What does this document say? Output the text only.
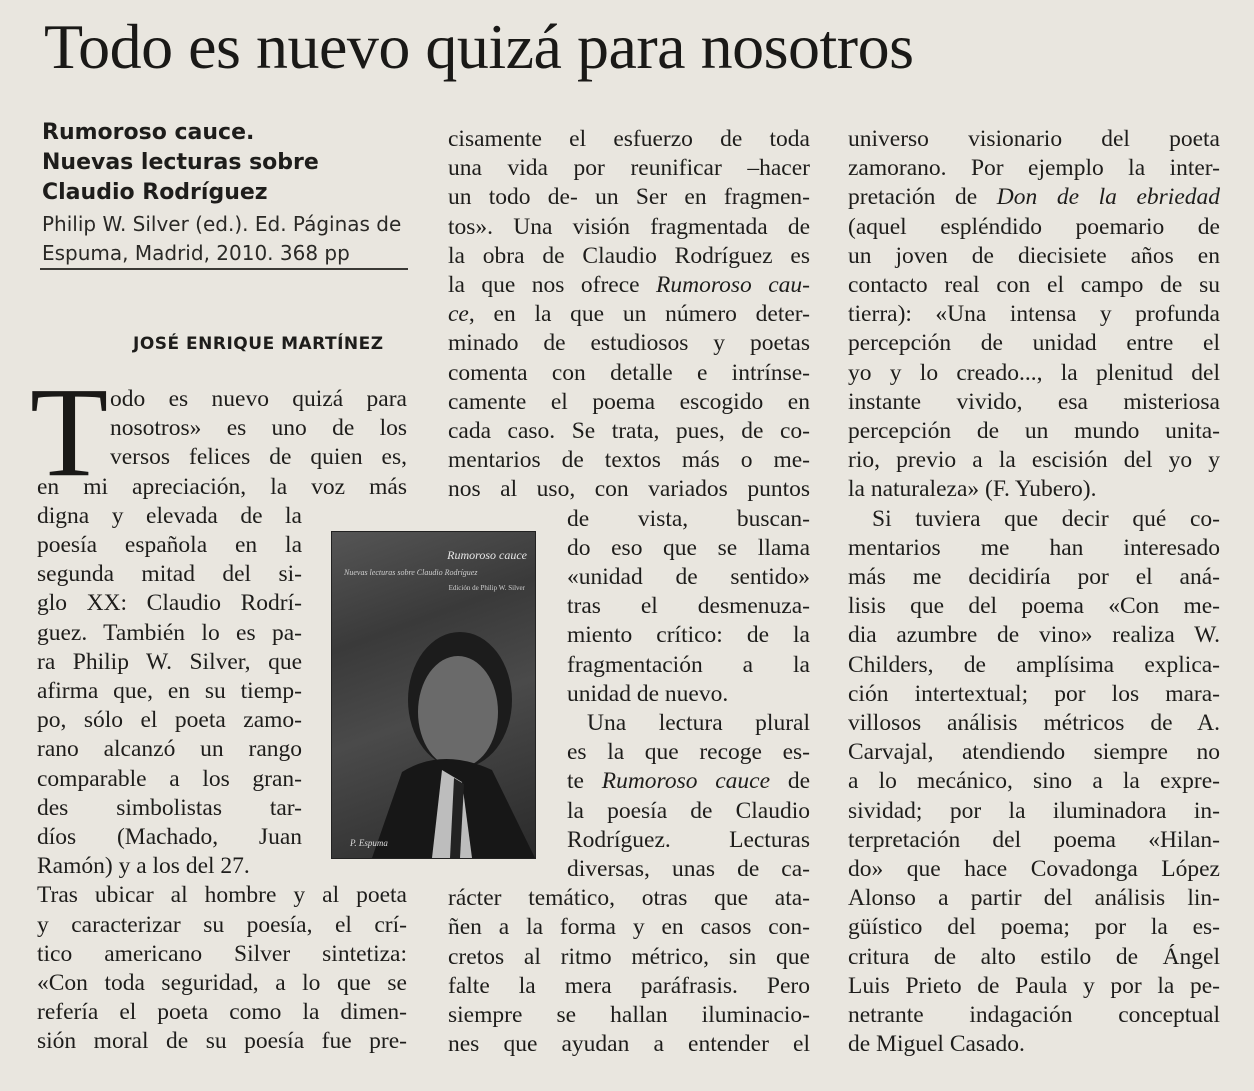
Todo es nuevo quizá para nosotros
Rumoroso cauce.
Nuevas lecturas sobre
Claudio Rodríguez
Philip W. Silver (ed.). Ed. Páginas de
Espuma, Madrid, 2010. 368 pp
JOSÉ ENRIQUE MARTÍNEZ
T
Rumoroso cauce
Nuevas lecturas sobre Claudio Rodríguez
Edición de Philip W. Silver
P. Espuma
odo es nuevo quizá para
nosotros» es uno de los
versos felices de quien es,
en mi apreciación, la voz más
digna y elevada de la
poesía española en la
segunda mitad del si-
glo XX: Claudio Rodrí-
guez. También lo es pa-
ra Philip W. Silver, que
afirma que, en su tiemp-
po, sólo el poeta zamo-
rano alcanzó un rango
comparable a los gran-
des simbolistas tar-
díos (Machado, Juan
Ramón) y a los del 27.
Tras ubicar al hombre y al poeta
y caracterizar su poesía, el crí-
tico americano Silver sintetiza:
«Con toda seguridad, a lo que se
refería el poeta como la dimen-
sión moral de su poesía fue pre-
cisamente el esfuerzo de toda
una vida por reunificar –hacer
un todo de- un Ser en fragmen-
tos». Una visión fragmentada de
la obra de Claudio Rodríguez es
la que nos ofrece Rumoroso cau-
ce, en la que un número deter-
minado de estudiosos y poetas
comenta con detalle e intrínse-
camente el poema escogido en
cada caso. Se trata, pues, de co-
mentarios de textos más o me-
nos al uso, con variados puntos
de vista, buscan-
do eso que se llama
«unidad de sentido»
tras el desmenuza-
miento crítico: de la
fragmentación a la
unidad de nuevo.
Una lectura plural
es la que recoge es-
te Rumoroso cauce de
la poesía de Claudio
Rodríguez. Lecturas
diversas, unas de ca-
rácter temático, otras que ata-
ñen a la forma y en casos con-
cretos al ritmo métrico, sin que
falte la mera paráfrasis. Pero
siempre se hallan iluminacio-
nes que ayudan a entender el
universo visionario del poeta
zamorano. Por ejemplo la inter-
pretación de Don de la ebriedad
(aquel espléndido poemario de
un joven de diecisiete años en
contacto real con el campo de su
tierra): «Una intensa y profunda
percepción de unidad entre el
yo y lo creado..., la plenitud del
instante vivido, esa misteriosa
percepción de un mundo unita-
rio, previo a la escisión del yo y
la naturaleza» (F. Yubero).
Si tuviera que decir qué co-
mentarios me han interesado
más me decidiría por el aná-
lisis que del poema «Con me-
dia azumbre de vino» realiza W.
Childers, de amplísima explica-
ción intertextual; por los mara-
villosos análisis métricos de A.
Carvajal, atendiendo siempre no
a lo mecánico, sino a la expre-
sividad; por la iluminadora in-
terpretación del poema «Hilan-
do» que hace Covadonga López
Alonso a partir del análisis lin-
güístico del poema; por la es-
critura de alto estilo de Ángel
Luis Prieto de Paula y por la pe-
netrante indagación conceptual
de Miguel Casado.
